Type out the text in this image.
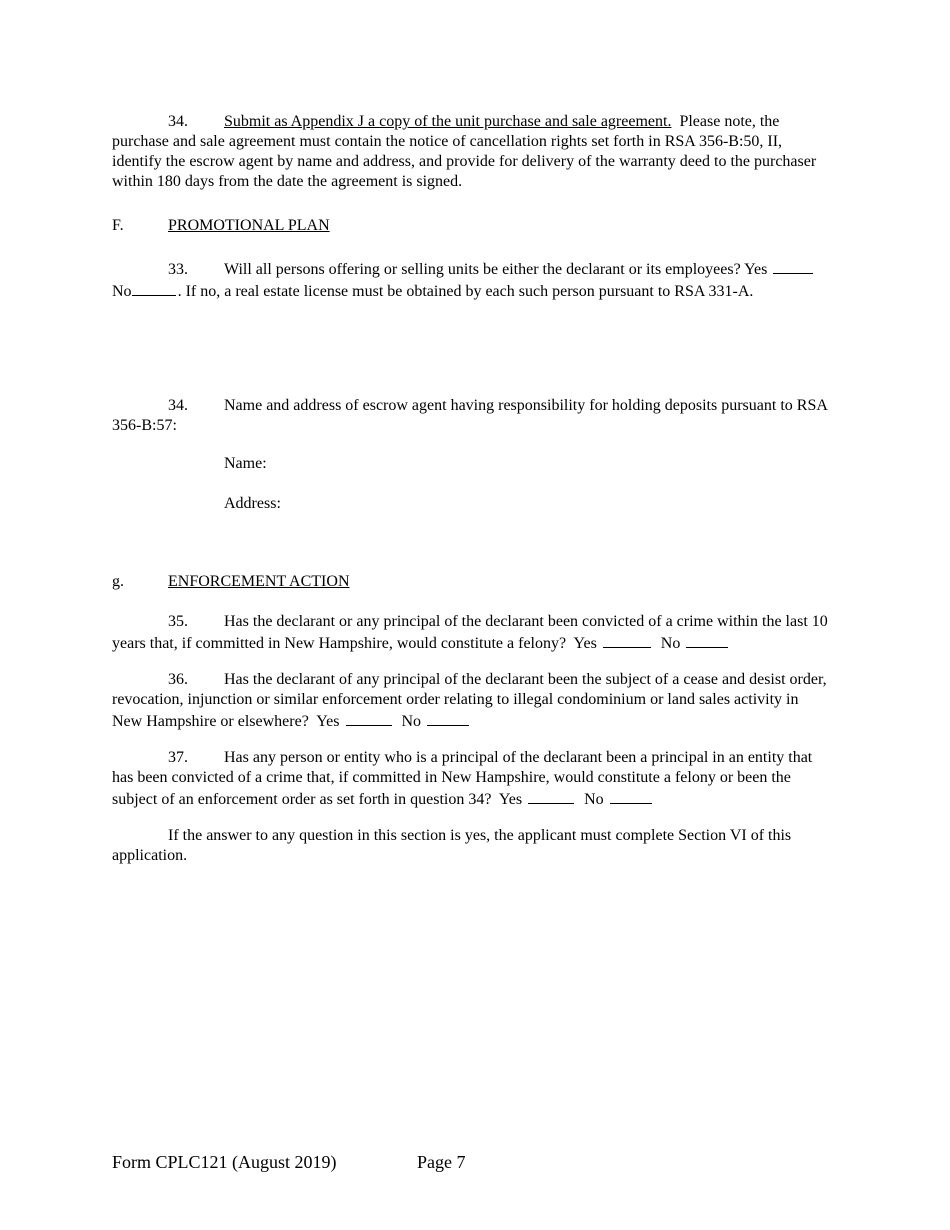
34. Submit as Appendix J a copy of the unit purchase and sale agreement. Please note, the purchase and sale agreement must contain the notice of cancellation rights set forth in RSA 356-B:50, II, identify the escrow agent by name and address, and provide for delivery of the warranty deed to the purchaser within 180 days from the date the agreement is signed.

F.	PROMOTIONAL PLAN

33. Will all persons offering or selling units be either the declarant or its employees? Yes  No	. If no, a real estate license must be obtained by each such person pursuant to RSA 331-A.

34. Name and address of escrow agent having responsibility for holding deposits pursuant to RSA 356-B:57:

Name:
Address:
g.	ENFORCEMENT ACTION

35. Has the declarant or any principal of the declarant been convicted of a crime within the last 10 years that, if committed in New Hampshire, would constitute a felony? Yes	No

36. Has the declarant of any principal of the declarant been the subject of a cease and desist order, revocation, injunction or similar enforcement order relating to illegal condominium or land sales activity in New Hampshire or elsewhere? Yes	No

37. Has any person or entity who is a principal of the declarant been a principal in an entity that has been convicted of a crime that, if committed in New Hampshire, would constitute a felony or been the subject of an enforcement order as set forth in question 34? Yes	No

If the answer to any question in this section is yes, the applicant must complete Section VI of this application.

Form CPLC121 (August 2019)	Page 7
